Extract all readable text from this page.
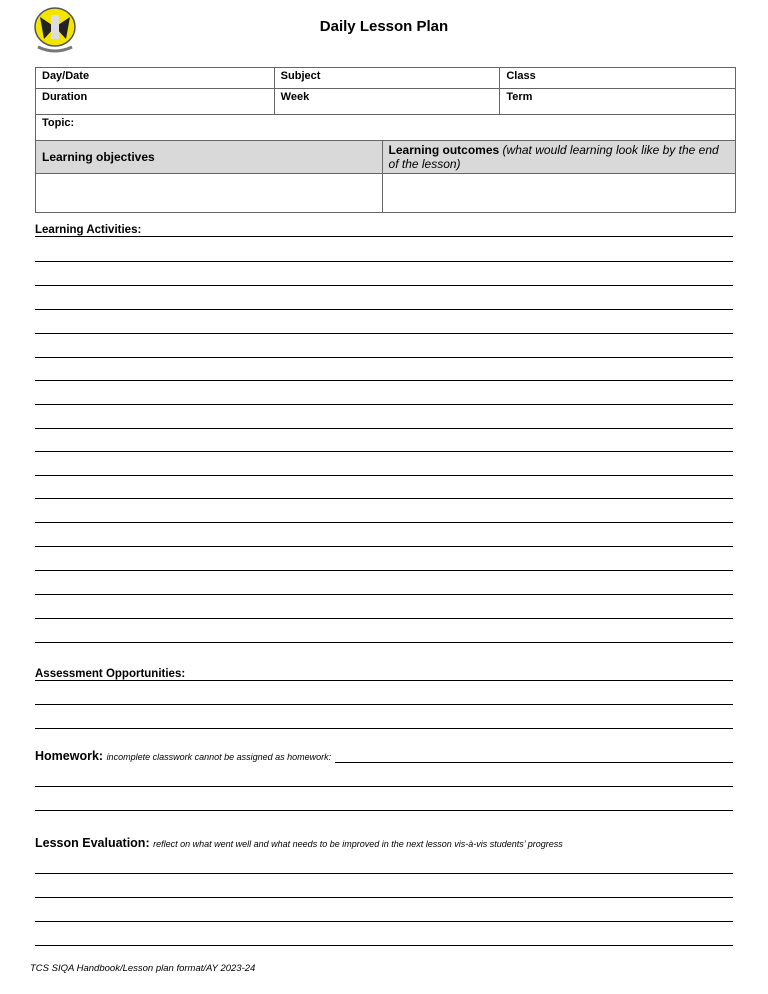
Daily Lesson Plan
Day/Date	Subject		Class
Duration	Week		Term
Topic:			
Learning objectives		Learning outcomes (what would learning look like by the end of the lesson)	

Learning Activities:
Assessment Opportunities:
Homework: incomplete classwork cannot be assigned as homework:
Lesson Evaluation: reflect on what went well and what needs to be improved in the next lesson vis-à-vis students’ progress
TCS SIQA Handbook/Lesson plan format/AY 2023-24
